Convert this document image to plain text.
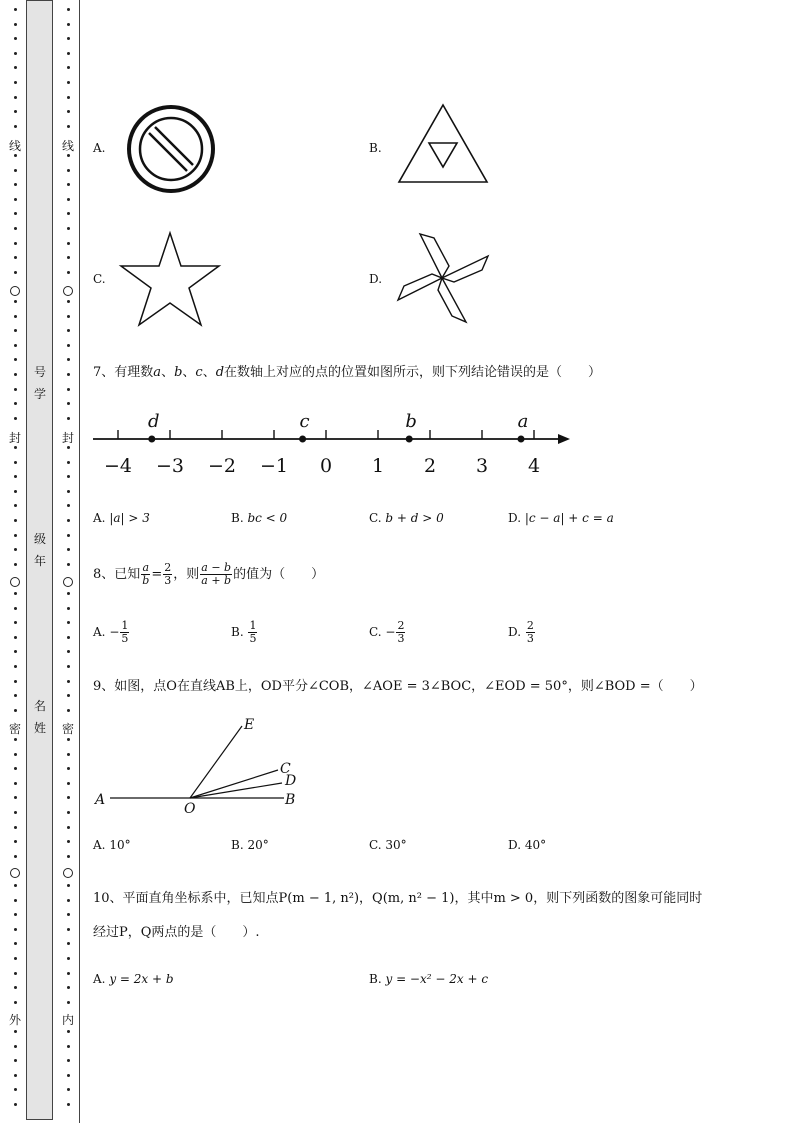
线
封
密
外
线
封
密
内
号
学
级
年
名
姓
A.	B.
C.	D.
7、有理数a、b、c、d在数轴上对应的点的位置如图所示，则下列结论错误的是（　　）
−4 −3 −2 −1 0 1 2 3 4
d	c	b	a
A. |a| > 3	B. bc < 0	C. b + d > 0	D. |c − a| + c = a
8、已知 $\frac{a}{b} = \frac{2}{3}$ ，则 $\frac{a - b}{a + b}$ 的值为（　　）
A. − $\frac{1}{5}$	B. $\frac{1}{5}$	C. − $\frac{2}{3}$	D. $\frac{2}{3}$
9、如图，点O在直线AB上，OD平分∠COB，∠AOE = 3∠BOC，∠EOD = 50°，则∠BOD =（　　）
A	B
C
D
E
O
A. 10°	B. 20°	C. 30°	D. 40°
10、平面直角坐标系中，已知点P(m − 1, n²)，Q(m, n² − 1)，其中m > 0，则下列函数的图象可能同时
经过P，Q两点的是（　　）.
A. y = 2x + b	B. y = −x² − 2x + c
